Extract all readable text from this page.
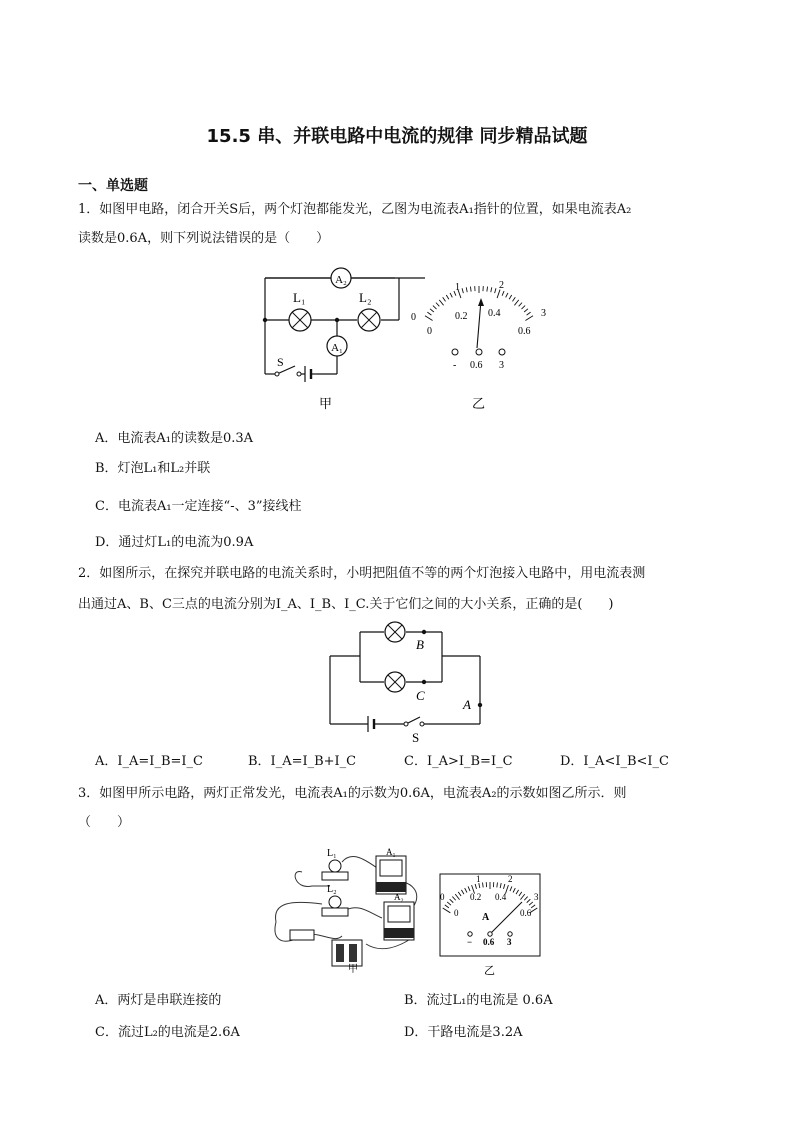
15.5 串、并联电路中电流的规律 同步精品试题
一、单选题
1．如图甲电路，闭合开关S后，两个灯泡都能发光，乙图为电流表A₁指针的位置，如果电流表A₂
读数是0.6A，则下列说法错误的是（　　）
A₂
L₁	L₂
A₁
S
甲
0
1	2
3
0
0.2 0.4
0.6
- 0.6 3
乙
A．电流表A₁的读数是0.3A
B．灯泡L₁和L₂并联
C．电流表A₁一定连接“-、3”接线柱
D．通过灯L₁的电流为0.9A
2．如图所示，在探究并联电路的电流关系时，小明把阻值不等的两个灯泡接入电路中，用电流表测
出通过A、B、C三点的电流分别为I_A、I_B、I_C.关于它们之间的大小关系，正确的是(　　)
B
C
A
S
A．I_A=I_B=I_C	B．I_A=I_B+I_C	C．I_A>I_B=I_C	D．I_A<I_B<I_C
3．如图甲所示电路，两灯正常发光，电流表A₁的示数为0.6A，电流表A₂的示数如图乙所示．则
（　　）
L₁
L₂
A₁
A₂
甲
0
1	2
3
0
0.2 0.4
0.6
A
− 0.6 3
乙
A．两灯是串联连接的	B．流过L₁的电流是 0.6A
C．流过L₂的电流是2.6A	D．干路电流是3.2A
